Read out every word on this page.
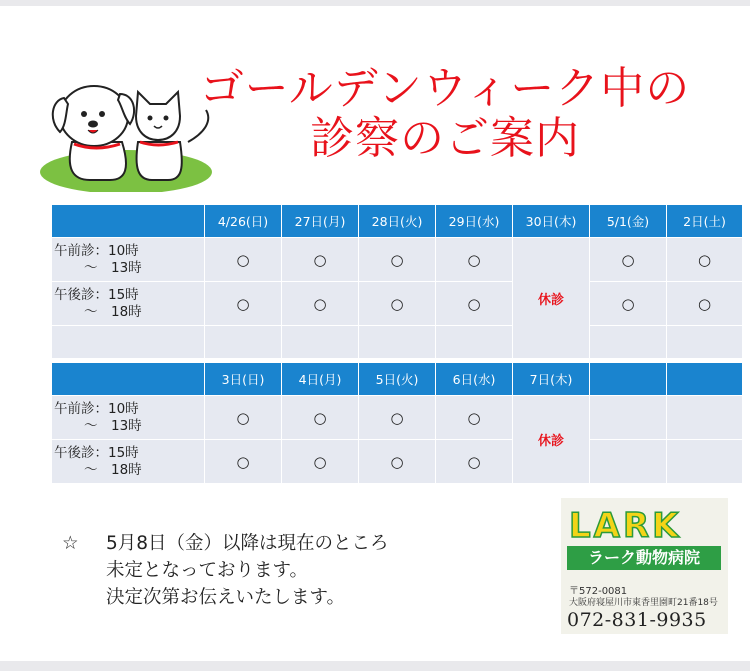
ゴールデンウィーク中の
診察のご案内
	4/26(日)	27日(月)	28日(火)	29日(水)	30日(木)	5/1(金)	2日(土)
午前診：10時
～　13時	○	○	○	○	休診	○	○
午後診：15時
～　18時	○	○	○	○		○	○

	3日(日)	4日(月)	5日(火)	6日(水)	7日(木)		
午前診：10時
～　13時	○	○	○	○	休診		
午後診：15時
～　18時	○	○	○	○			
☆ 5月8日（金）以降は現在のところ
未定となっております。
決定次第お伝えいたします。
LARK
ラーク動物病院
〒572-0081
大阪府寝屋川市東香里園町21番18号
072-831-9935
